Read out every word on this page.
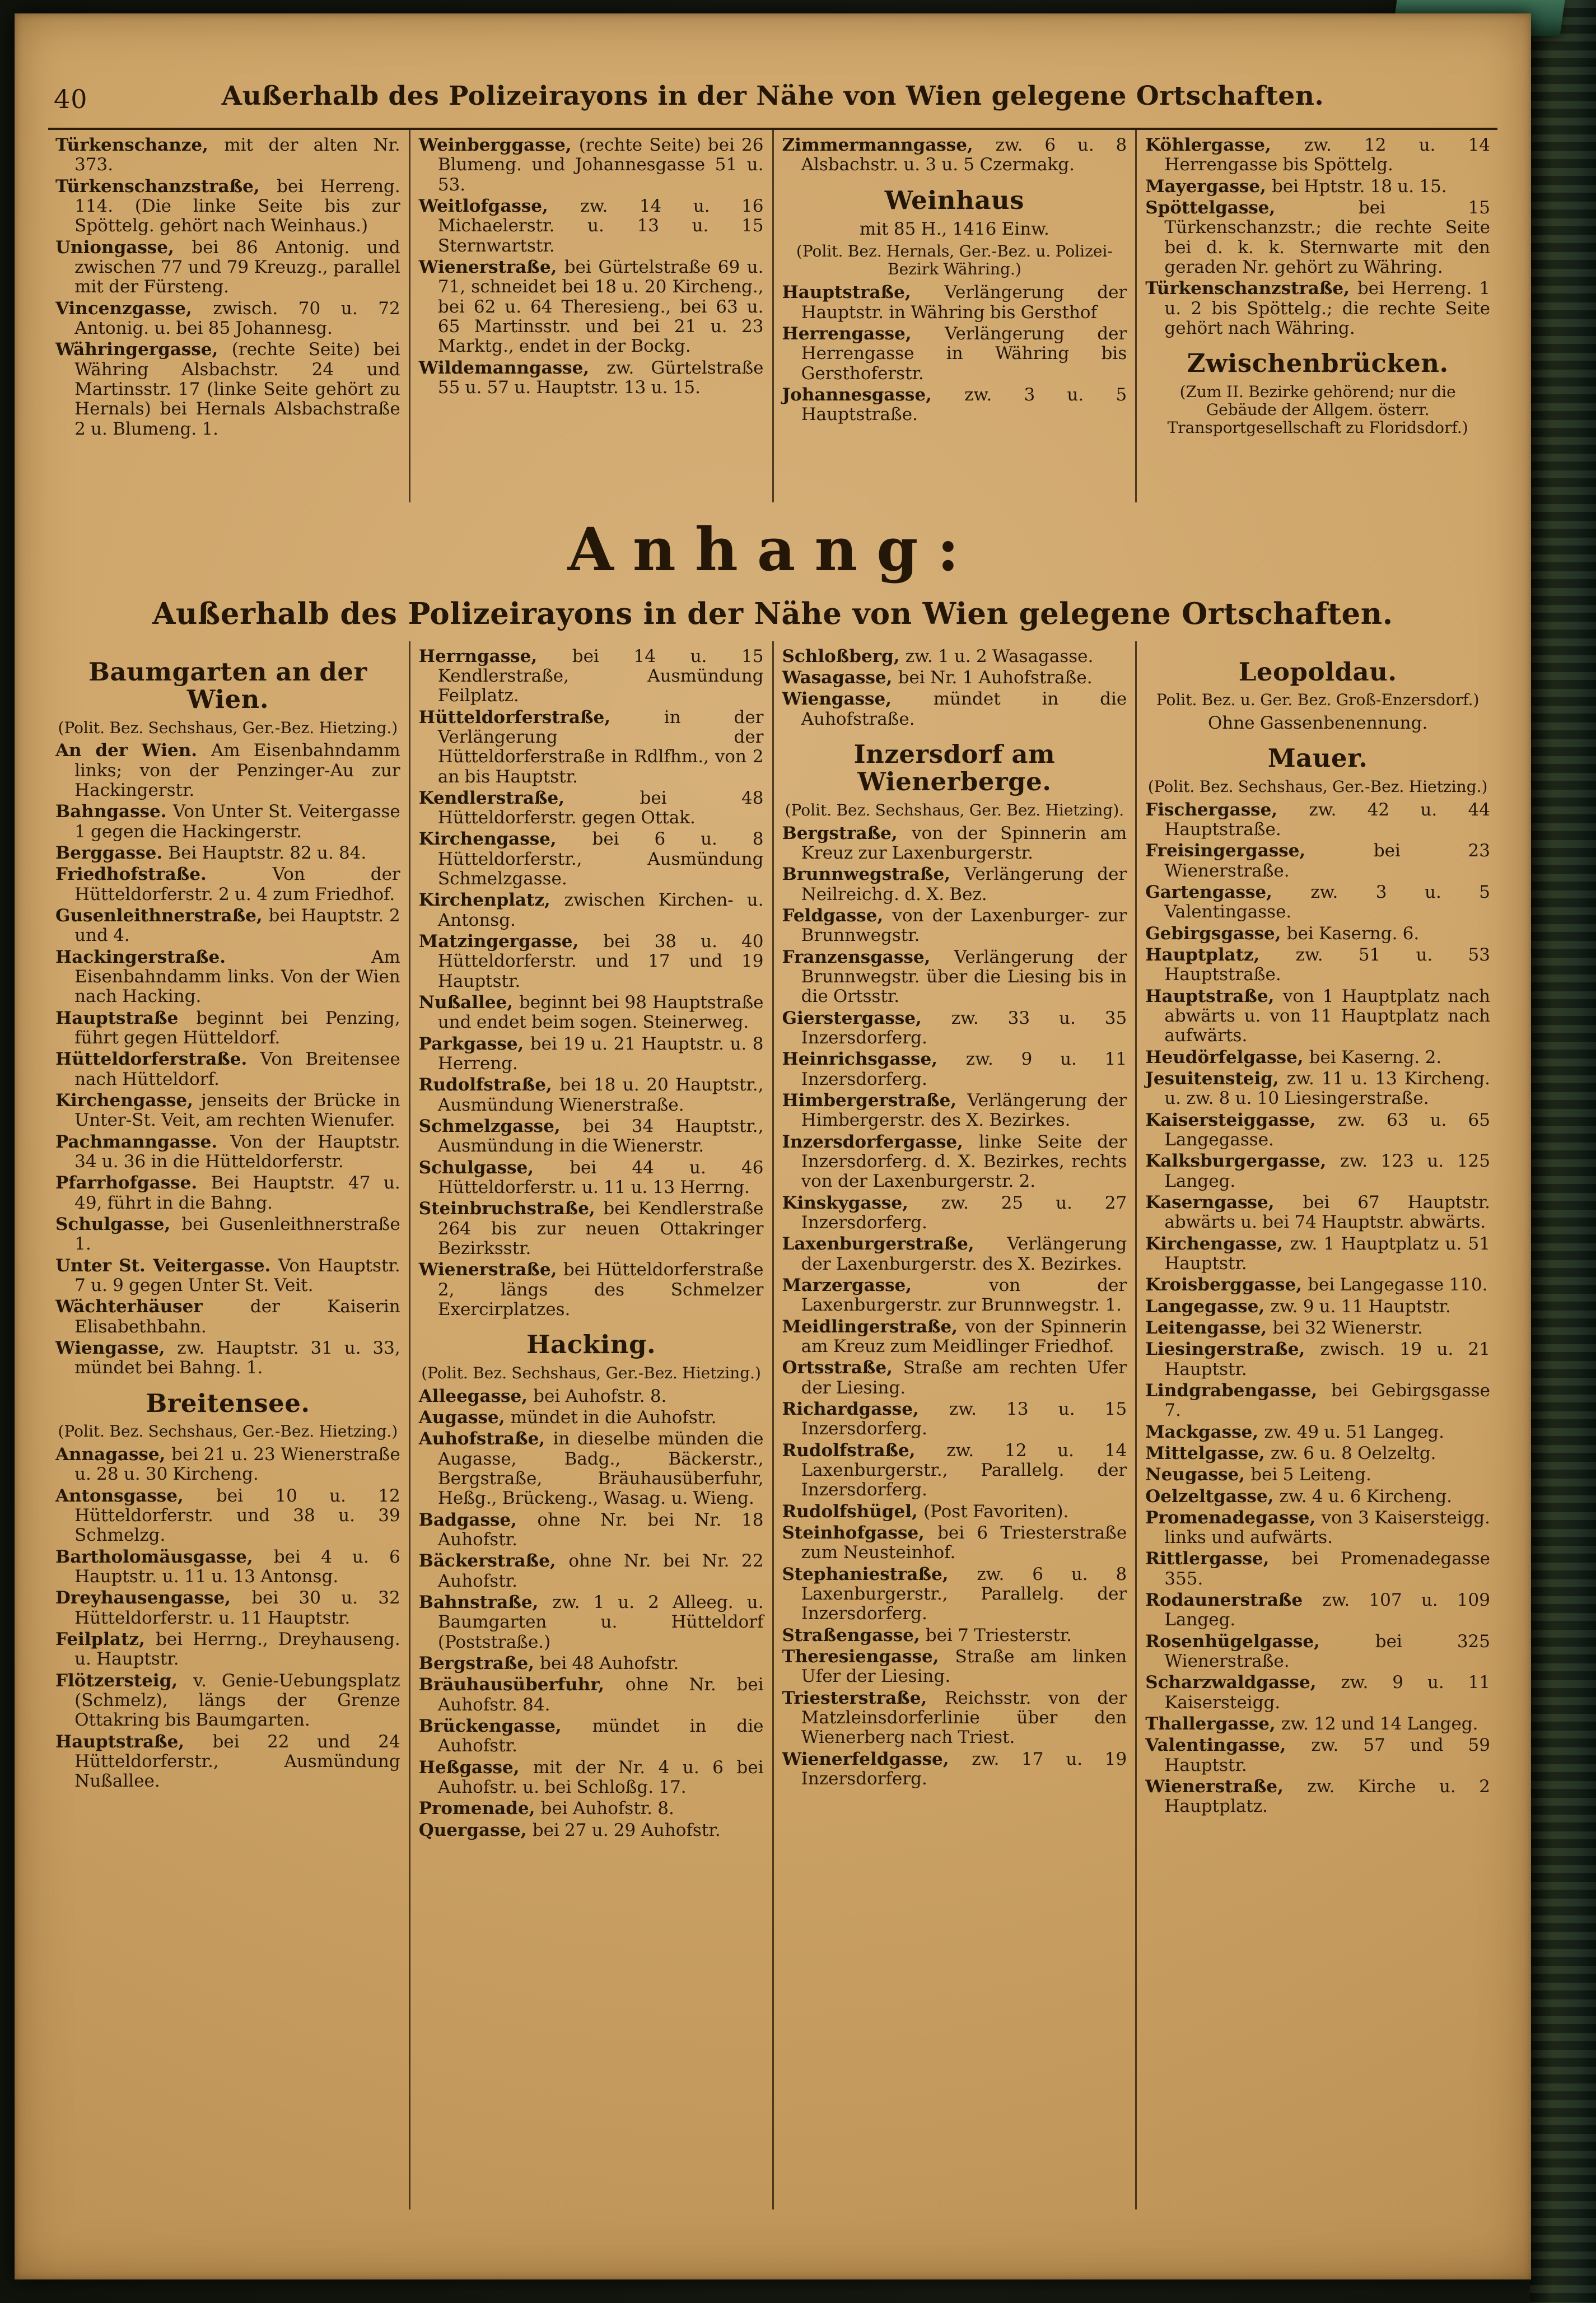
40	Außerhalb des Polizeirayons in der Nähe von Wien gelegene Ortschaften.

Türkenschanze, mit der alten Nr. 373.

Türkenschanzstraße, bei Herreng. 114. (Die linke Seite bis zur Spöttelg. gehört nach Weinhaus.)

Uniongasse, bei 86 Antonig. und zwischen 77 und 79 Kreuzg., parallel mit der Fürsteng.

Vincenzgasse, zwisch. 70 u. 72 Antonig. u. bei 85 Johannesg.

Währingergasse, (rechte Seite) bei Währing Alsbachstr. 24 und Martinsstr. 17 (linke Seite gehört zu Hernals) bei Hernals Alsbachstraße 2 u. Blumeng. 1.

Weinberggasse, (rechte Seite) bei 26 Blumeng. und Johannesgasse 51 u. 53.

Weitlofgasse, zw. 14 u. 16 Michaelerstr. u. 13 u. 15 Sternwartstr.

Wienerstraße, bei Gürtelstraße 69 u. 71, schneidet bei 18 u. 20 Kircheng., bei 62 u. 64 Theresieng., bei 63 u. 65 Martinsstr. und bei 21 u. 23 Marktg., endet in der Bockg.

Wildemanngasse, zw. Gürtelstraße 55 u. 57 u. Hauptstr. 13 u. 15.

Zimmermanngasse, zw. 6 u. 8 Alsbachstr. u. 3 u. 5 Czermakg.

Weinhaus

mit 85 H., 1416 Einw.

(Polit. Bez. Hernals, Ger.-Bez. u. Polizei-Bezirk Währing.)

Hauptstraße, Verlängerung der Hauptstr. in Währing bis Gersthof

Herrengasse, Verlängerung der Herrengasse in Währing bis Gersthoferstr.

Johannesgasse, zw. 3 u. 5 Hauptstraße.

Köhlergasse, zw. 12 u. 14 Herrengasse bis Spöttelg.

Mayergasse, bei Hptstr. 18 u. 15.

Spöttelgasse, bei 15 Türkenschanzstr.; die rechte Seite bei d. k. k. Sternwarte mit den geraden Nr. gehört zu Währing.

Türkenschanzstraße, bei Herreng. 1 u. 2 bis Spöttelg.; die rechte Seite gehört nach Währing.

Zwischenbrücken.

(Zum II. Bezirke gehörend; nur die Gebäude der Allgem. österr. Transportgesellschaft zu Floridsdorf.)

Anhang:
Außerhalb des Polizeirayons in der Nähe von Wien gelegene Ortschaften.

Baumgarten an der Wien.

(Polit. Bez. Sechshaus, Ger.-Bez. Hietzing.)

An der Wien. Am Eisenbahndamm links; von der Penzinger-Au zur Hackingerstr.

Bahngasse. Von Unter St. Veitergasse 1 gegen die Hackingerstr.

Berggasse. Bei Hauptstr. 82 u. 84.

Friedhofstraße. Von der Hütteldorferstr. 2 u. 4 zum Friedhof.

Gusenleithnerstraße, bei Hauptstr. 2 und 4.

Hackingerstraße. Am Eisenbahndamm links. Von der Wien nach Hacking.

Hauptstraße beginnt bei Penzing, führt gegen Hütteldorf.

Hütteldorferstraße. Von Breitensee nach Hütteldorf.

Kirchengasse, jenseits der Brücke in Unter-St. Veit, am rechten Wienufer.

Pachmanngasse. Von der Hauptstr. 34 u. 36 in die Hütteldorferstr.

Pfarrhofgasse. Bei Hauptstr. 47 u. 49, führt in die Bahng.

Schulgasse, bei Gusenleithnerstraße 1.

Unter St. Veitergasse. Von Hauptstr. 7 u. 9 gegen Unter St. Veit.

Wächterhäuser der Kaiserin Elisabethbahn.

Wiengasse, zw. Hauptstr. 31 u. 33, mündet bei Bahng. 1.

Breitensee.

(Polit. Bez. Sechshaus, Ger.-Bez. Hietzing.)

Annagasse, bei 21 u. 23 Wienerstraße u. 28 u. 30 Kircheng.

Antonsgasse, bei 10 u. 12 Hütteldorferstr. und 38 u. 39 Schmelzg.

Bartholomäusgasse, bei 4 u. 6 Hauptstr. u. 11 u. 13 Antonsg.

Dreyhausengasse, bei 30 u. 32 Hütteldorferstr. u. 11 Hauptstr.

Feilplatz, bei Herrng., Dreyhauseng. u. Hauptstr.

Flötzersteig, v. Genie-Uebungsplatz (Schmelz), längs der Grenze Ottakring bis Baumgarten.

Hauptstraße, bei 22 und 24 Hütteldorferstr., Ausmündung Nußallee.

Herrngasse, bei 14 u. 15 Kendlerstraße, Ausmündung Feilplatz.

Hütteldorferstraße, in der Verlängerung der Hütteldorferstraße in Rdlfhm., von 2 an bis Hauptstr.

Kendlerstraße, bei 48 Hütteldorferstr. gegen Ottak.

Kirchengasse, bei 6 u. 8 Hütteldorferstr., Ausmündung Schmelzgasse.

Kirchenplatz, zwischen Kirchen- u. Antonsg.

Matzingergasse, bei 38 u. 40 Hütteldorferstr. und 17 und 19 Hauptstr.

Nußallee, beginnt bei 98 Hauptstraße und endet beim sogen. Steinerweg.

Parkgasse, bei 19 u. 21 Hauptstr. u. 8 Herreng.

Rudolfstraße, bei 18 u. 20 Hauptstr., Ausmündung Wienerstraße.

Schmelzgasse, bei 34 Hauptstr., Ausmündung in die Wienerstr.

Schulgasse, bei 44 u. 46 Hütteldorferstr. u. 11 u. 13 Herrng.

Steinbruchstraße, bei Kendlerstraße 264 bis zur neuen Ottakringer Bezirksstr.

Wienerstraße, bei Hütteldorferstraße 2, längs des Schmelzer Exercirplatzes.

Hacking.

(Polit. Bez. Sechshaus, Ger.-Bez. Hietzing.)

Alleegasse, bei Auhofstr. 8.

Augasse, mündet in die Auhofstr.

Auhofstraße, in dieselbe münden die Augasse, Badg., Bäckerstr., Bergstraße, Bräuhausüberfuhr, Heßg., Brückeng., Wasag. u. Wieng.

Badgasse, ohne Nr. bei Nr. 18 Auhofstr.

Bäckerstraße, ohne Nr. bei Nr. 22 Auhofstr.

Bahnstraße, zw. 1 u. 2 Alleeg. u. Baumgarten u. Hütteldorf (Poststraße.)

Bergstraße, bei 48 Auhofstr.

Bräuhausüberfuhr, ohne Nr. bei Auhofstr. 84.

Brückengasse, mündet in die Auhofstr.

Heßgasse, mit der Nr. 4 u. 6 bei Auhofstr. u. bei Schloßg. 17.

Promenade, bei Auhofstr. 8.

Quergasse, bei 27 u. 29 Auhofstr.

Schloßberg, zw. 1 u. 2 Wasagasse.

Wasagasse, bei Nr. 1 Auhofstraße.

Wiengasse, mündet in die Auhofstraße.

Inzersdorf am Wienerberge.

(Polit. Bez. Sechshaus, Ger. Bez. Hietzing).

Bergstraße, von der Spinnerin am Kreuz zur Laxenburgerstr.

Brunnwegstraße, Verlängerung der Neilreichg. d. X. Bez.

Feldgasse, von der Laxenburger- zur Brunnwegstr.

Franzensgasse, Verlängerung der Brunnwegstr. über die Liesing bis in die Ortsstr.

Gierstergasse, zw. 33 u. 35 Inzersdorferg.

Heinrichsgasse, zw. 9 u. 11 Inzersdorferg.

Himbergerstraße, Verlängerung der Himbergerstr. des X. Bezirkes.

Inzersdorfergasse, linke Seite der Inzersdorferg. d. X. Bezirkes, rechts von der Laxenburgerstr. 2.

Kinskygasse, zw. 25 u. 27 Inzersdorferg.

Laxenburgerstraße, Verlängerung der Laxenburgerstr. des X. Bezirkes.

Marzergasse, von der Laxenburgerstr. zur Brunnwegstr. 1.

Meidlingerstraße, von der Spinnerin am Kreuz zum Meidlinger Friedhof.

Ortsstraße, Straße am rechten Ufer der Liesing.

Richardgasse, zw. 13 u. 15 Inzersdorferg.

Rudolfstraße, zw. 12 u. 14 Laxenburgerstr., Parallelg. der Inzersdorferg.

Rudolfshügel, (Post Favoriten).

Steinhofgasse, bei 6 Triesterstraße zum Neusteinhof.

Stephaniestraße, zw. 6 u. 8 Laxenburgerstr., Parallelg. der Inzersdorferg.

Straßengasse, bei 7 Triesterstr.

Theresiengasse, Straße am linken Ufer der Liesing.

Triesterstraße, Reichsstr. von der Matzleinsdorferlinie über den Wienerberg nach Triest.

Wienerfeldgasse, zw. 17 u. 19 Inzersdorferg.

Leopoldau.

Polit. Bez. u. Ger. Bez. Groß-Enzersdorf.)

Ohne Gassenbenennung.

Mauer.

(Polit. Bez. Sechshaus, Ger.-Bez. Hietzing.)

Fischergasse, zw. 42 u. 44 Hauptstraße.

Freisingergasse, bei 23 Wienerstraße.

Gartengasse, zw. 3 u. 5 Valentingasse.

Gebirgsgasse, bei Kaserng. 6.

Hauptplatz, zw. 51 u. 53 Hauptstraße.

Hauptstraße, von 1 Hauptplatz nach abwärts u. von 11 Hauptplatz nach aufwärts.

Heudörfelgasse, bei Kaserng. 2.

Jesuitensteig, zw. 11 u. 13 Kircheng. u. zw. 8 u. 10 Liesingerstraße.

Kaisersteiggasse, zw. 63 u. 65 Langegasse.

Kalksburgergasse, zw. 123 u. 125 Langeg.

Kaserngasse, bei 67 Hauptstr. abwärts u. bei 74 Hauptstr. abwärts.

Kirchengasse, zw. 1 Hauptplatz u. 51 Hauptstr.

Kroisberggasse, bei Langegasse 110.

Langegasse, zw. 9 u. 11 Hauptstr.

Leitengasse, bei 32 Wienerstr.

Liesingerstraße, zwisch. 19 u. 21 Hauptstr.

Lindgrabengasse, bei Gebirgsgasse 7.

Mackgasse, zw. 49 u. 51 Langeg.

Mittelgasse, zw. 6 u. 8 Oelzeltg.

Neugasse, bei 5 Leiteng.

Oelzeltgasse, zw. 4 u. 6 Kircheng.

Promenadegasse, von 3 Kaisersteigg. links und aufwärts.

Rittlergasse, bei Promenadegasse 355.

Rodaunerstraße zw. 107 u. 109 Langeg.

Rosenhügelgasse, bei 325 Wienerstraße.

Scharzwaldgasse, zw. 9 u. 11 Kaisersteigg.

Thallergasse, zw. 12 und 14 Langeg.

Valentingasse, zw. 57 und 59 Hauptstr.

Wienerstraße, zw. Kirche u. 2 Hauptplatz.
